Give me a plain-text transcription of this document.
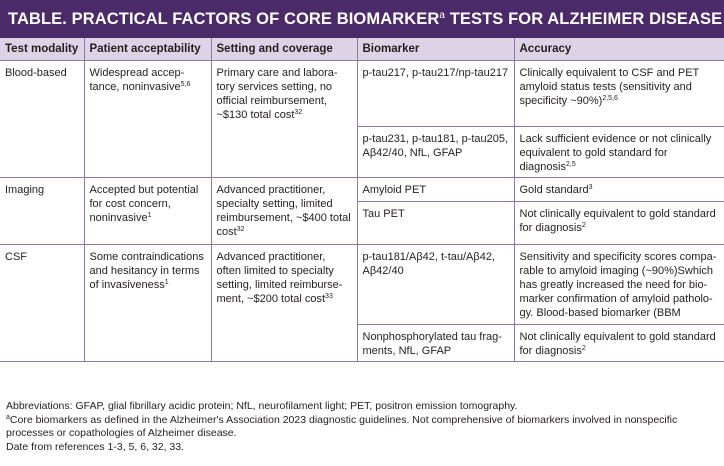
TABLE. PRACTICAL FACTORS OF CORE BIOMARKER$^a$ TESTS FOR ALZHEIMER DISEASE
Test modality	Patient acceptability	Setting and coverage	Biomarker	Accuracy
Blood-based	Widespread accep-tance, noninvasive$^{5,6}$	Primary care and labora-tory services setting, no official reimbursement, ~$130 total cost$^{32}$	p-tau217, p-tau217/np-tau217	Clinically equivalent to CSF and PET amyloid status tests (sensitivity and specificity ~90%)$^{2,5,6}$
			p-tau231, p-tau181, p-tau205, Aβ42/40, NfL, GFAP	Lack sufficient evidence or not clinically equivalent to gold standard for diagnosis$^{2,5}$
Imaging	Accepted but potential for cost concern, noninvasive$^1$	Advanced practitioner, specialty setting, limited reimbursement, ~$400 total cost$^{32}$	Amyloid PET	Gold standard$^3$
			Tau PET	Not clinically equivalent to gold standard for diagnosis$^2$
CSF	Some contraindications and hesitancy in terms of invasiveness$^1$	Advanced practitioner, often limited to specialty setting, limited reimburse-ment, ~$200 total cost$^{33}$	p-tau181/Aβ42, t-tau/Aβ42, Aβ42/40	Sensitivity and specificity scores compa-rable to amyloid imaging (~90%)Swhich has greatly increased the need for bio-marker confirmation of amyloid patholo-gy. Blood-based biomarker (BBM
			Nonphosphorylated tau frag-ments, NfL, GFAP	Not clinically equivalent to gold standard for diagnosis$^2$

Abbreviations: GFAP, glial fibrillary acidic protein; NfL, neurofilament light; PET, positron emission tomography.

$^a$Core biomarkers as defined in the Alzheimer's Association 2023 diagnostic guidelines. Not comprehensive of biomarkers involved in nonspecific processes or copathologies of Alzheimer disease.

Date from references 1-3, 5, 6, 32, 33.
